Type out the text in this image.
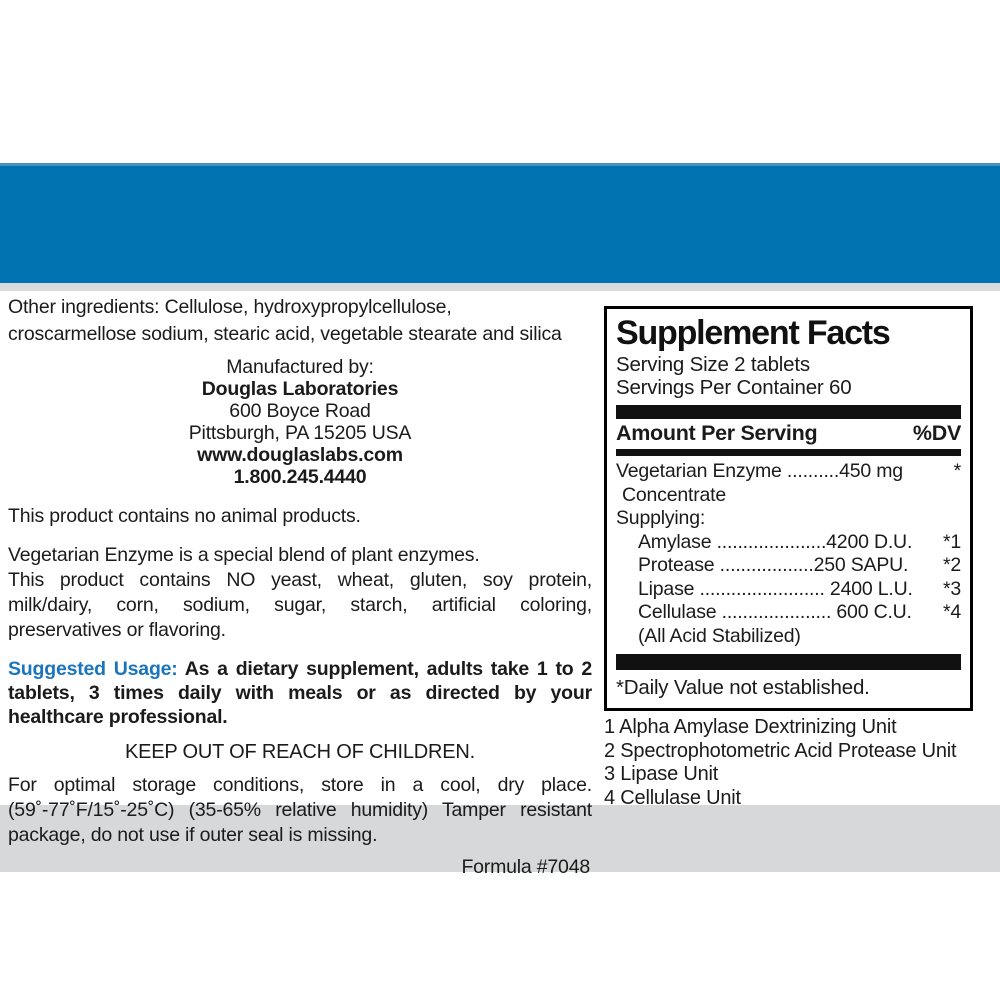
Other ingredients: Cellulose, hydroxypropylcellulose,
croscarmellose sodium, stearic acid, vegetable stearate and silica
Manufactured by:
Douglas Laboratories
600 Boyce Road
Pittsburgh, PA 15205 USA
www.douglaslabs.com
1.800.245.4440
This product contains no animal products.
Vegetarian Enzyme is a special blend of plant enzymes.
This product contains NO yeast, wheat, gluten, soy protein, milk/dairy, corn, sodium, sugar, starch, artificial coloring, preservatives or flavoring.

Suggested Usage: As a dietary supplement, adults take 1 to 2 tablets, 3 times daily with meals or as directed by your healthcare professional.

KEEP OUT OF REACH OF CHILDREN.
For optimal storage conditions, store in a cool, dry place. (59˚-77˚F/15˚-25˚C) (35-65% relative humidity) Tamper resistant package, do not use if outer seal is missing.
Formula #7048
Supplement Facts
Serving Size 2 tablets
Servings Per Container 60
Amount Per Serving	%DV
Vegetarian Enzyme ..........450 mg	*
Concentrate
Supplying:
Amylase .....................4200 D.U.	*1
Protease ..................250 SAPU.	*2
Lipase ........................ 2400 L.U.	*3
Cellulase ..................... 600 C.U.	*4
(All Acid Stabilized)
*Daily Value not established.
1 Alpha Amylase Dextrinizing Unit
2 Spectrophotometric Acid Protease Unit
3 Lipase Unit
4 Cellulase Unit
